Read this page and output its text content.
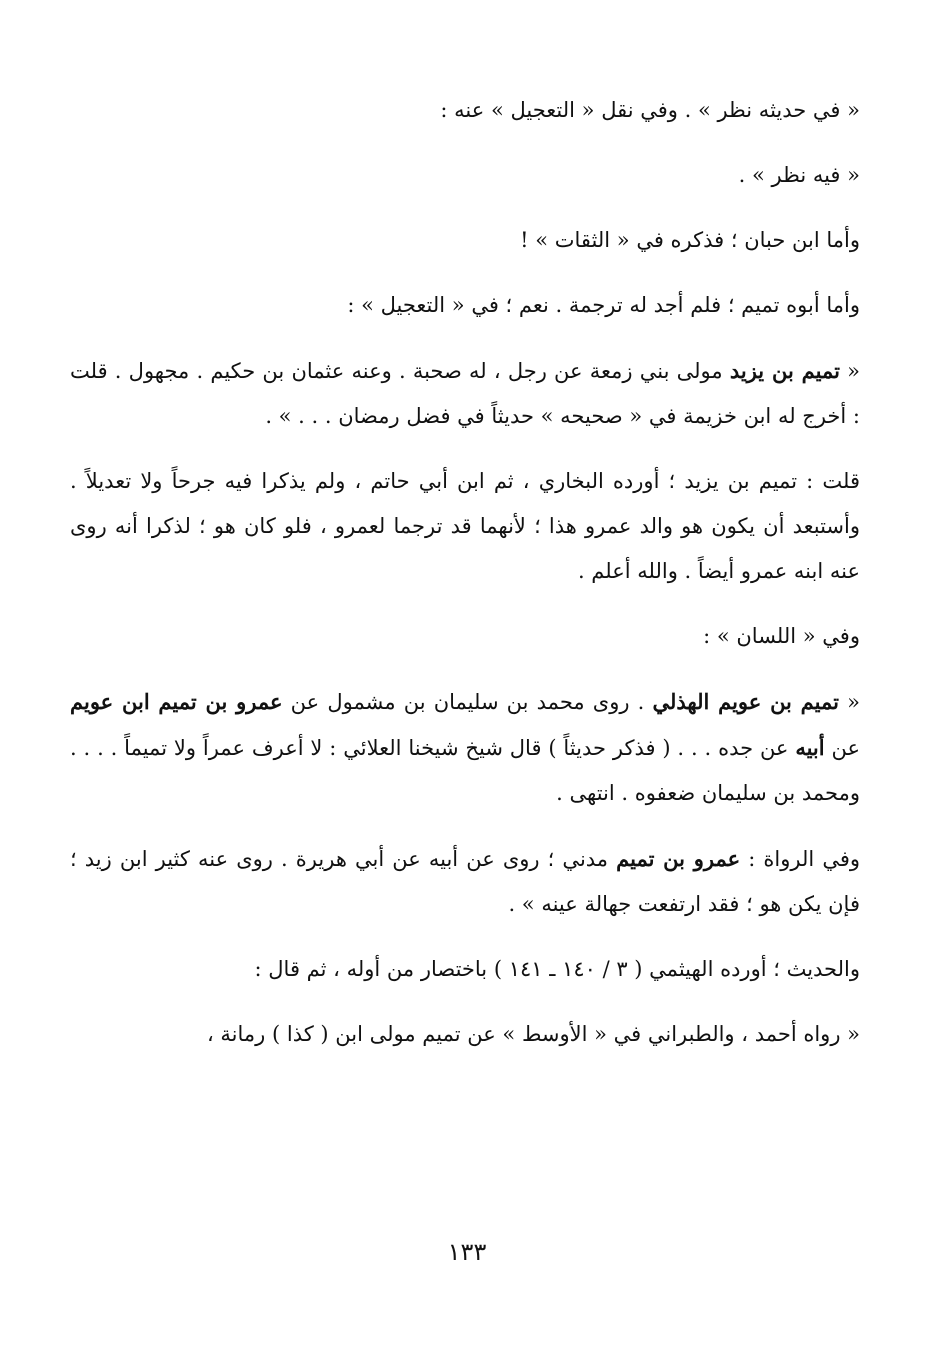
« في حديثه نظر » . وفي نقل « التعجيل » عنه :

« فيه نظر » .

وأما ابن حبان ؛ فذكره في « الثقات » !

وأما أبوه تميم ؛ فلم أجد له ترجمة . نعم ؛ في « التعجيل » :

« تميم بن يزيد مولى بني زمعة عن رجل ، له صحبة . وعنه عثمان بن حكيم . مجهول . قلت : أخرج له ابن خزيمة في « صحيحه » حديثاً في فضل رمضان . . . » .

قلت : تميم بن يزيد ؛ أورده البخاري ، ثم ابن أبي حاتم ، ولم يذكرا فيه جرحاً ولا تعديلاً . وأستبعد أن يكون هو والد عمرو هذا ؛ لأنهما قد ترجما لعمرو ، فلو كان هو ؛ لذكرا أنه روى عنه ابنه عمرو أيضاً . والله أعلم .

وفي « اللسان » :

« تميم بن عويم الهذلي . روى محمد بن سليمان بن مشمول عن عمرو بن تميم ابن عويم عن أبيه عن جده . . . ( فذكر حديثاً ) قال شيخ شيخنا العلائي : لا أعرف عمراً ولا تميماً . . . . ومحمد بن سليمان ضعفوه . انتهى .

وفي الرواة : عمرو بن تميم مدني ؛ روى عن أبيه عن أبي هريرة . روى عنه كثير ابن زيد ؛ فإن يكن هو ؛ فقد ارتفعت جهالة عينه » .

والحديث ؛ أورده الهيثمي ( ٣ / ١٤٠ ـ ١٤١ ) باختصار من أوله ، ثم قال :

« رواه أحمد ، والطبراني في « الأوسط » عن تميم مولى ابن ( كذا ) رمانة ،

١٣٣
